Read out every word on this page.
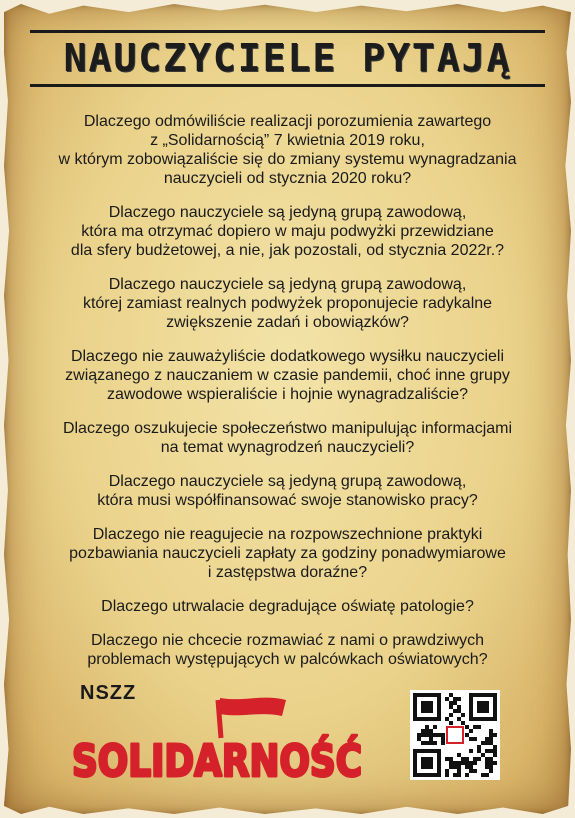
NAUCZYCIELE PYTAJĄ

Dlaczego odmówiliście realizacji porozumienia zawartego
z „Solidarnością” 7 kwietnia 2019 roku,
w którym zobowiązaliście się do zmiany systemu wynagradzania
nauczycieli od stycznia 2020 roku?

Dlaczego nauczyciele są jedyną grupą zawodową,
która ma otrzymać dopiero w maju podwyżki przewidziane
dla sfery budżetowej, a nie, jak pozostali, od stycznia 2022r.?

Dlaczego nauczyciele są jedyną grupą zawodową,
której zamiast realnych podwyżek proponujecie radykalne
zwiększenie zadań i obowiązków?

Dlaczego nie zauważyliście dodatkowego wysiłku nauczycieli
związanego z nauczaniem w czasie pandemii, choć inne grupy
zawodowe wspieraliście i hojnie wynagradzaliście?

Dlaczego oszukujecie społeczeństwo manipulując informacjami
na temat wynagrodzeń nauczycieli?

Dlaczego nauczyciele są jedyną grupą zawodową,
która musi współfinansować swoje stanowisko pracy?

Dlaczego nie reagujecie na rozpowszechnione praktyki
pozbawiania nauczycieli zapłaty za godziny ponadwymiarowe
i zastępstwa doraźne?

Dlaczego utrwalacie degradujące oświatę patologie?

Dlaczego nie chcecie rozmawiać z nami o prawdziwych
problemach występujących w palcówkach oświatowych?

NSZZ
SOLIDARNOŚĆ
